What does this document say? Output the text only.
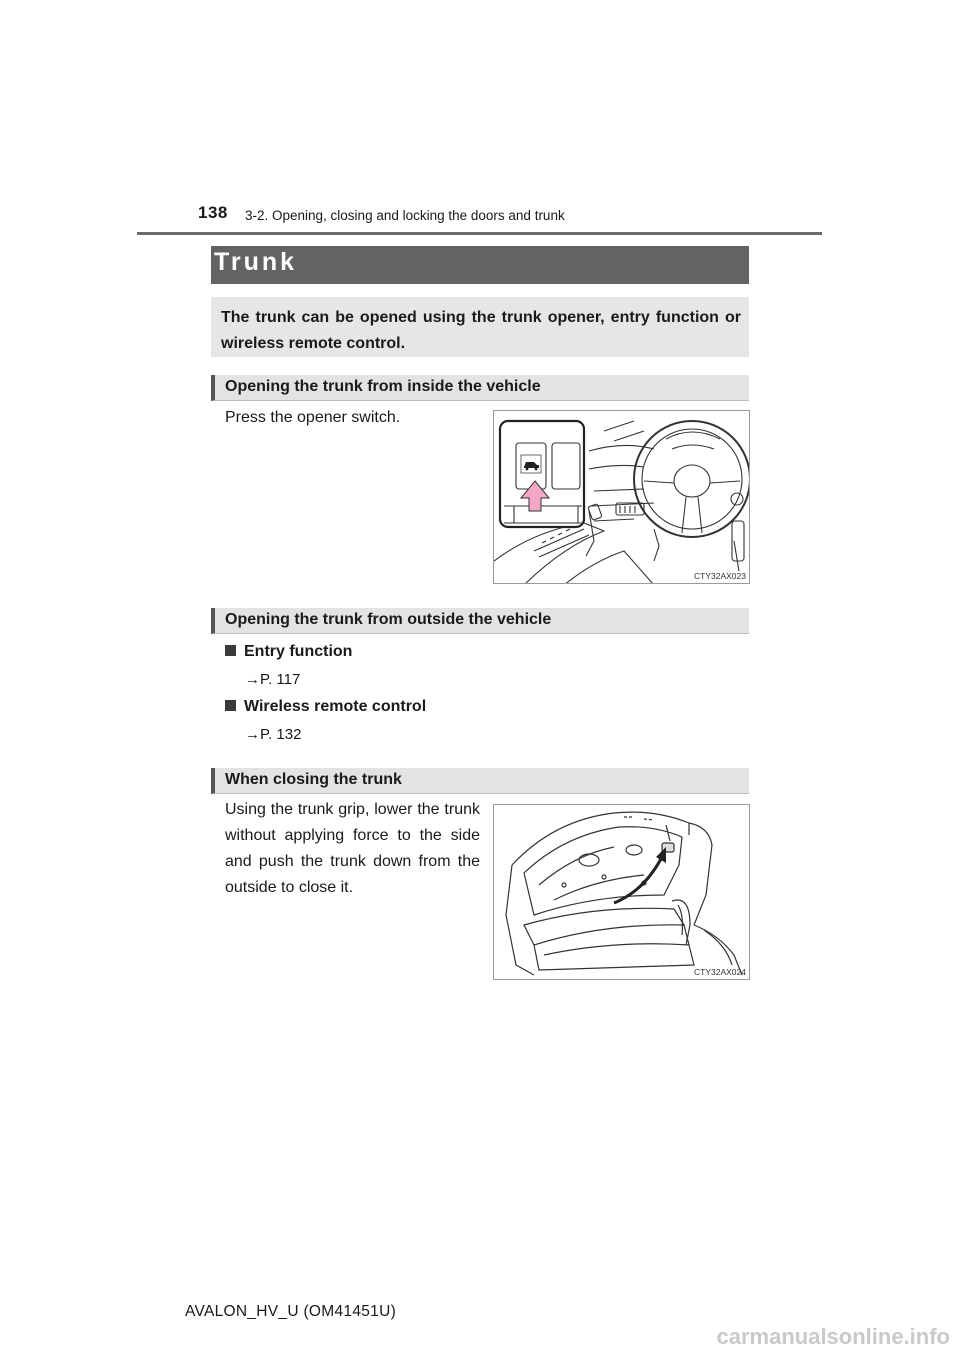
138 3-2. Opening, closing and locking the doors and trunk
Trunk
The trunk can be opened using the trunk opener, entry function or wireless remote control.
Opening the trunk from inside the vehicle
Press the opener switch.
CTY32AX023
Opening the trunk from outside the vehicle
Entry function
→P. 117
Wireless remote control
→P. 132
When closing the trunk
Using the trunk grip, lower the trunk without applying force to the side and push the trunk down from the outside to close it.
CTY32AX024
AVALON_HV_U (OM41451U)
carmanualsonline.info
